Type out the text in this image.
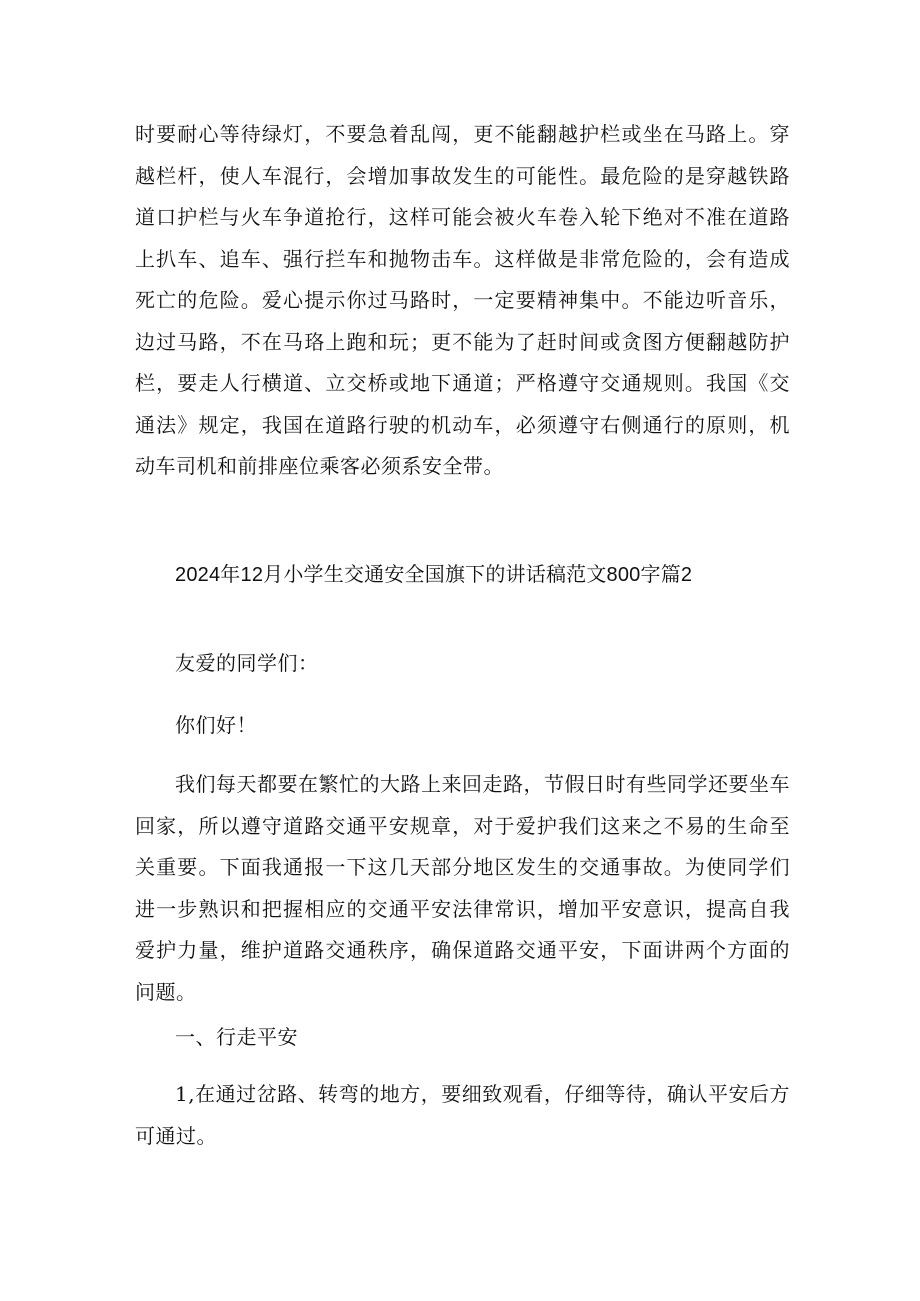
时要耐心等待绿灯，不要急着乱闯，更不能翻越护栏或坐在马路上。穿越栏杆，使人车混行，会增加事故发生的可能性。最危险的是穿越铁路道口护栏与火车争道抢行，这样可能会被火车卷入轮下绝对不准在道路上扒车、追车、强行拦车和抛物击车。这样做是非常危险的，会有造成死亡的危险。爱心提示你过马路时，一定要精神集中。不能边听音乐，边过马路，不在马珞上跑和玩；更不能为了赶时间或贪图方便翻越防护栏，要走人行横道、立交桥或地下通道；严格遵守交通规则。我国《交通法》规定，我国在道路行驶的机动车，必须遵守右侧通行的原则，机动车司机和前排座位乘客必须系安全带。

2024年12月小学生交通安全国旗下的讲话稿范文800字篇2

友爱的同学们：

你们好！

我们每天都要在繁忙的大路上来回走路，节假日时有些同学还要坐车回家，所以遵守道路交通平安规章，对于爱护我们这来之不易的生命至关重要。下面我通报一下这几天部分地区发生的交通事故。为使同学们进一步熟识和把握相应的交通平安法律常识，增加平安意识，提高自我爱护力量，维护道路交通秩序，确保道路交通平安，下面讲两个方面的问题。

一、行走平安

1,在通过岔路、转弯的地方，要细致观看，仔细等待，确认平安后方可通过。
